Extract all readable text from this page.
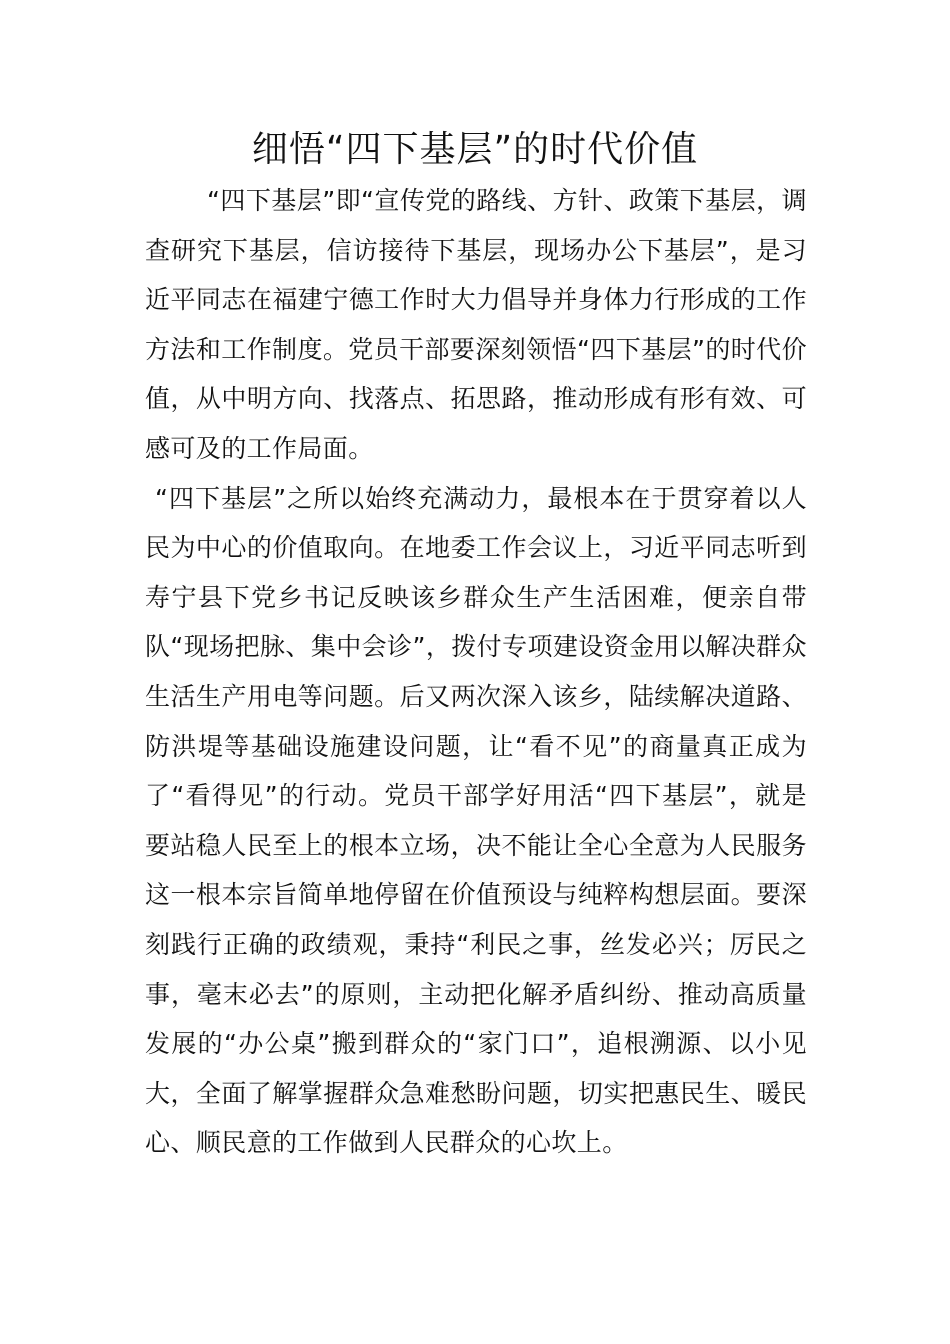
细悟“四下基层”的时代价值

“四下基层”即“宣传党的路线、方针、政策下基层，调查研究下基层，信访接待下基层，现场办公下基层”，是习近平同志在福建宁德工作时大力倡导并身体力行形成的工作方法和工作制度。党员干部要深刻领悟“四下基层”的时代价值，从中明方向、找落点、拓思路，推动形成有形有效、可感可及的工作局面。

“四下基层”之所以始终充满动力，最根本在于贯穿着以人民为中心的价值取向。在地委工作会议上，习近平同志听到寿宁县下党乡书记反映该乡群众生产生活困难，便亲自带队“现场把脉、集中会诊”，拨付专项建设资金用以解决群众生活生产用电等问题。后又两次深入该乡，陆续解决道路、防洪堤等基础设施建设问题，让“看不见”的商量真正成为了“看得见”的行动。党员干部学好用活“四下基层”，就是要站稳人民至上的根本立场，决不能让全心全意为人民服务这一根本宗旨简单地停留在价值预设与纯粹构想层面。要深刻践行正确的政绩观，秉持“利民之事，丝发必兴；厉民之事，毫末必去”的原则，主动把化解矛盾纠纷、推动高质量发展的“办公桌”搬到群众的“家门口”，追根溯源、以小见大，全面了解掌握群众急难愁盼问题，切实把惠民生、暖民心、顺民意的工作做到人民群众的心坎上。
